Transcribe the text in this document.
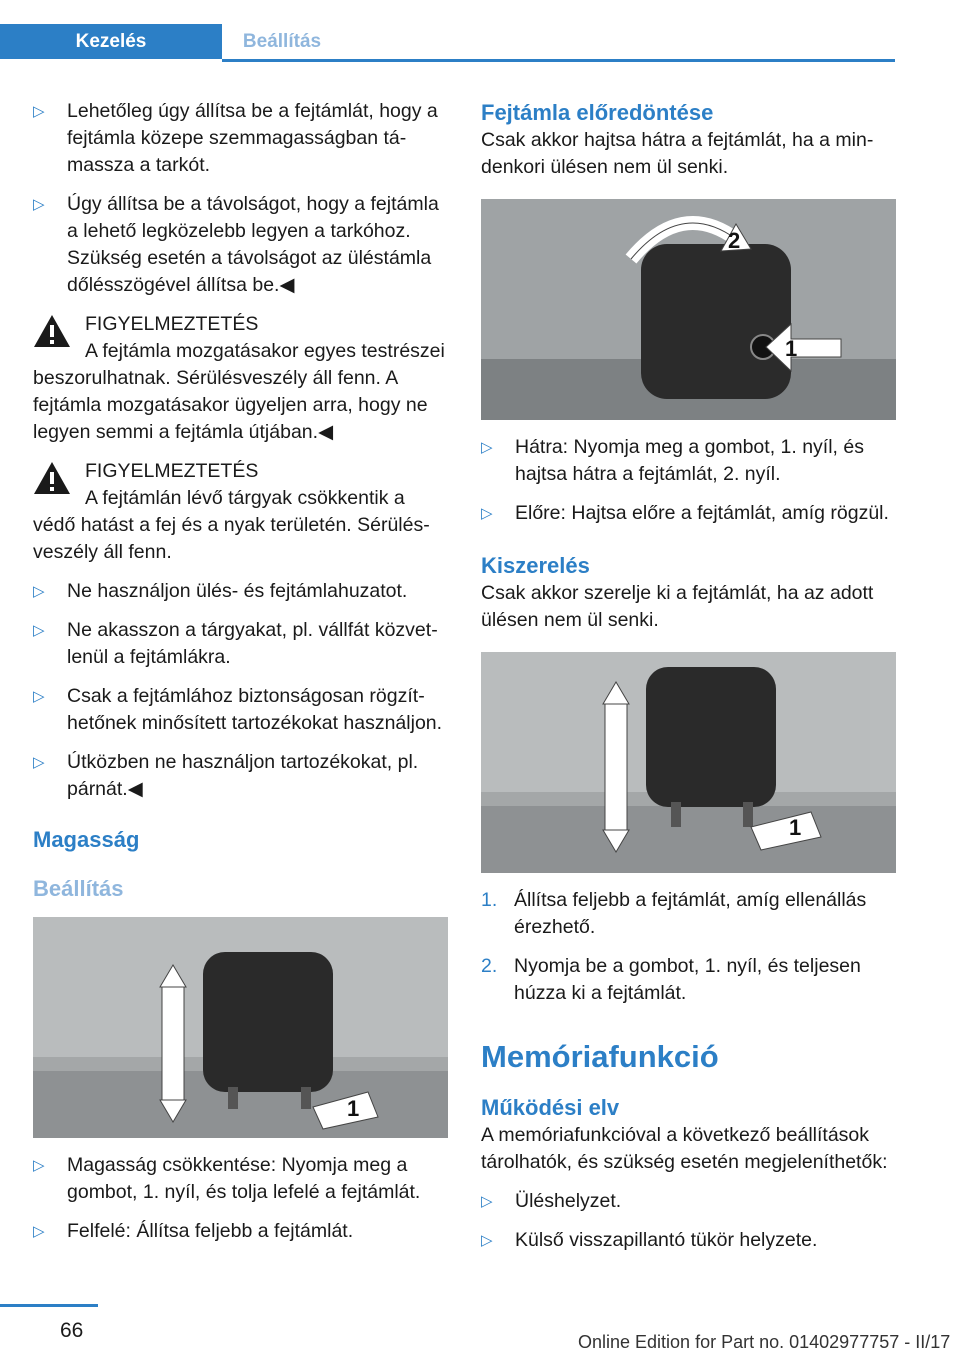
Kezelés	Beállítás
▷ Lehetőleg úgy állítsa be a fejtámlát, hogy a fejtámla közepe szemmagasságban támassza a tarkót.
▷ Úgy állítsa be a távolságot, hogy a fejtámla a lehető legközelebb legyen a tarkóhoz. Szükség esetén a távolságot az üléstámla dőlésszögével állítsa be.◀

FIGYELMEZTETÉS

A fejtámla mozgatásakor egyes testrészei beszorulhatnak. Sérülésveszély áll fenn. A fejtámla mozgatásakor ügyeljen arra, hogy ne legyen semmi a fejtámla útjában.◀

FIGYELMEZTETÉS

A fejtámlán lévő tárgyak csökkentik a védő hatást a fej és a nyak területén. Sérülésveszély áll fenn.

▷ Ne használjon ülés- és fejtámlahuzatot.
▷ Ne akasszon a tárgyakat, pl. vállfát közvetlenül a fejtámlákra.
▷ Csak a fejtámlához biztonságosan rögzíthetőnek minősített tartozékokat használjon.
▷ Útközben ne használjon tartozékokat, pl. párnát.◀

Magasság

Beállítás

1
▷ Magasság csökkentése: Nyomja meg a gombot, 1. nyíl, és tolja lefelé a fejtámlát.
▷ Felfelé: Állítsa feljebb a fejtámlát.

Fejtámla előredöntése

Csak akkor hajtsa hátra a fejtámlát, ha a mindenkori ülésen nem ül senki.

2
1
▷ Hátra: Nyomja meg a gombot, 1. nyíl, és hajtsa hátra a fejtámlát, 2. nyíl.
▷ Előre: Hajtsa előre a fejtámlát, amíg rögzül.

Kiszerelés

Csak akkor szerelje ki a fejtámlát, ha az adott ülésen nem ül senki.

1
1. Állítsa feljebb a fejtámlát, amíg ellenállás érezhető.
2. Nyomja be a gombot, 1. nyíl, és teljesen húzza ki a fejtámlát.

Memóriafunkció

Működési elv

A memóriafunkcióval a következő beállítások tárolhatók, és szükség esetén megjeleníthetők:

▷ Üléshelyzet.
▷ Külső visszapillantó tükör helyzete.
66	Online Edition for Part no. 01402977757 - II/17
